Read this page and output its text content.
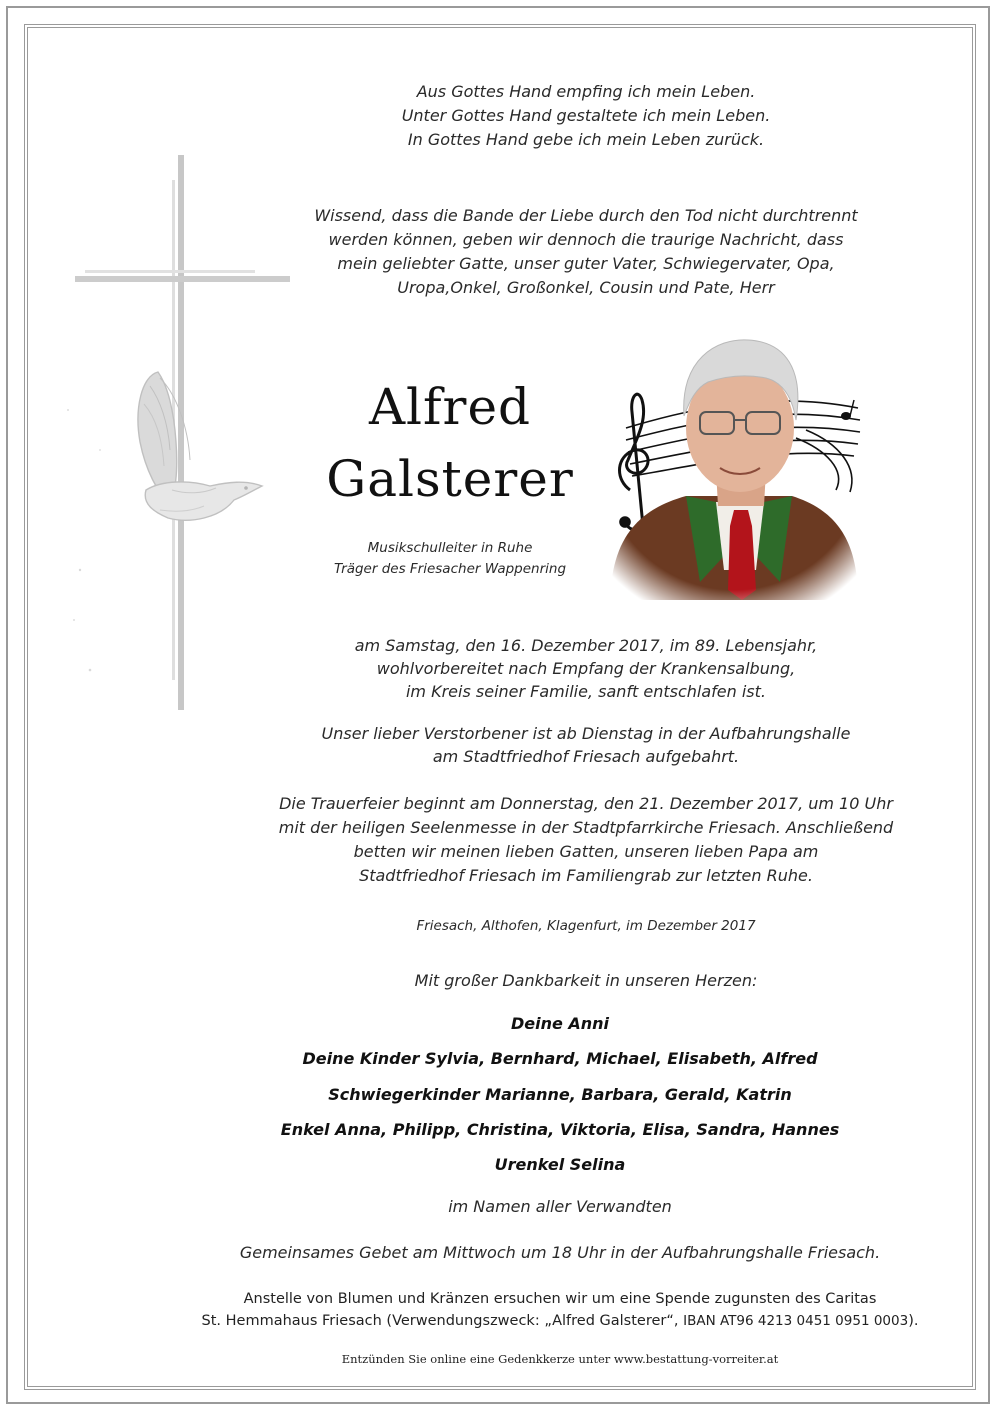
Aus Gottes Hand empfing ich mein Leben.
Unter Gottes Hand gestaltete ich mein Leben.
In Gottes Hand gebe ich mein Leben zurück.
Wissend, dass die Bande der Liebe durch den Tod nicht durchtrennt
werden können, geben wir dennoch die traurige Nachricht, dass
mein geliebter Gatte, unser guter Vater, Schwiegervater, Opa,
Uropa,Onkel, Großonkel, Cousin und Pate, Herr
Alfred
Galsterer
Musikschulleiter in Ruhe
Träger des Friesacher Wappenring
am Samstag, den 16. Dezember 2017, im 89. Lebensjahr,
wohlvorbereitet nach Empfang der Krankensalbung,
im Kreis seiner Familie, sanft entschlafen ist.
Unser lieber Verstorbener ist ab Dienstag in der Aufbahrungshalle
am Stadtfriedhof Friesach aufgebahrt.
Die Trauerfeier beginnt am Donnerstag, den 21. Dezember 2017, um 10 Uhr
mit der heiligen Seelenmesse in der Stadtpfarrkirche Friesach. Anschließend
betten wir meinen lieben Gatten, unseren lieben Papa am
Stadtfriedhof Friesach im Familiengrab zur letzten Ruhe.
Friesach, Althofen, Klagenfurt, im Dezember 2017
Mit großer Dankbarkeit in unseren Herzen:
Deine Anni
Deine Kinder Sylvia, Bernhard, Michael, Elisabeth, Alfred
Schwiegerkinder Marianne, Barbara, Gerald, Katrin
Enkel Anna, Philipp, Christina, Viktoria, Elisa, Sandra, Hannes
Urenkel Selina
im Namen aller Verwandten
Gemeinsames Gebet am Mittwoch um 18 Uhr in der Aufbahrungshalle Friesach.
Anstelle von Blumen und Kränzen ersuchen wir um eine Spende zugunsten des Caritas
St. Hemmahaus Friesach (Verwendungszweck: „Alfred Galsterer“, IBAN AT96 4213 0451 0951 0003).
Entzünden Sie online eine Gedenkkerze unter www.bestattung-vorreiter.at
